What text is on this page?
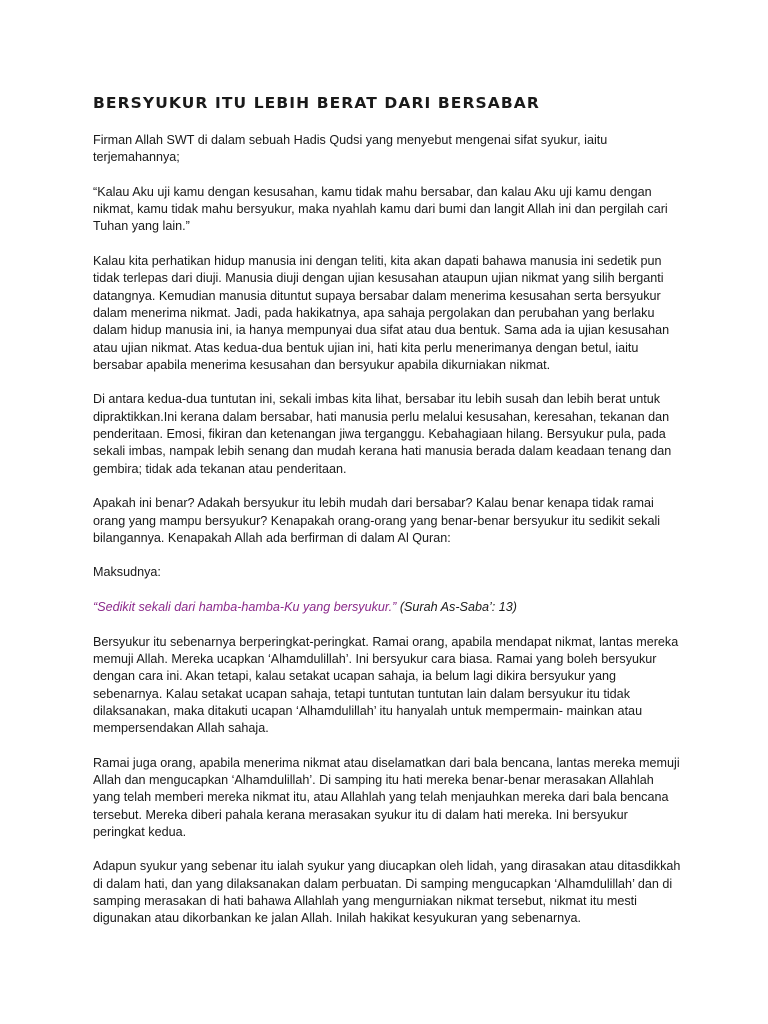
BERSYUKUR ITU LEBIH BERAT DARI BERSABAR

Firman Allah SWT di dalam sebuah Hadis Qudsi yang menyebut mengenai sifat syukur, iaitu terjemahannya;

“Kalau Aku uji kamu dengan kesusahan, kamu tidak mahu bersabar, dan kalau Aku uji kamu dengan nikmat, kamu tidak mahu bersyukur, maka nyahlah kamu dari bumi dan langit Allah ini dan pergilah cari Tuhan yang lain.”

Kalau kita perhatikan hidup manusia ini dengan teliti, kita akan dapati bahawa manusia ini sedetik pun tidak terlepas dari diuji. Manusia diuji dengan ujian kesusahan ataupun ujian nikmat yang silih berganti datangnya. Kemudian manusia dituntut supaya bersabar dalam menerima kesusahan serta bersyukur dalam menerima nikmat. Jadi, pada hakikatnya, apa sahaja pergolakan dan perubahan yang berlaku dalam hidup manusia ini, ia hanya mempunyai dua sifat atau dua bentuk. Sama ada ia ujian kesusahan atau ujian nikmat. Atas kedua-dua bentuk ujian ini, hati kita perlu menerimanya dengan betul, iaitu bersabar apabila menerima kesusahan dan bersyukur apabila dikurniakan nikmat.

Di antara kedua-dua tuntutan ini, sekali imbas kita lihat, bersabar itu lebih susah dan lebih berat untuk dipraktikkan.Ini kerana dalam bersabar, hati manusia perlu melalui kesusahan, keresahan, tekanan dan penderitaan. Emosi, fikiran dan ketenangan jiwa terganggu. Kebahagiaan hilang. Bersyukur pula, pada sekali imbas, nampak lebih senang dan mudah kerana hati manusia berada dalam keadaan tenang dan gembira; tidak ada tekanan atau penderitaan.

Apakah ini benar? Adakah bersyukur itu lebih mudah dari bersabar? Kalau benar kenapa tidak ramai orang yang mampu bersyukur? Kenapakah orang-orang yang benar-benar bersyukur itu sedikit sekali bilangannya. Kenapakah Allah ada berfirman di dalam Al Quran:

Maksudnya:

“Sedikit sekali dari hamba-hamba-Ku yang bersyukur.” (Surah As-Saba’: 13)

Bersyukur itu sebenarnya berperingkat-peringkat. Ramai orang, apabila mendapat nikmat, lantas mereka memuji Allah. Mereka ucapkan ‘Alhamdulillah’. Ini bersyukur cara biasa. Ramai yang boleh bersyukur dengan cara ini. Akan tetapi, kalau setakat ucapan sahaja, ia belum lagi dikira bersyukur yang sebenarnya. Kalau setakat ucapan sahaja, tetapi tuntutan tuntutan lain dalam bersyukur itu tidak dilaksanakan, maka ditakuti ucapan ‘Alhamdulillah’ itu hanyalah untuk mempermain- mainkan atau mempersendakan Allah sahaja.

Ramai juga orang, apabila menerima nikmat atau diselamatkan dari bala bencana, lantas mereka memuji Allah dan mengucapkan ‘Alhamdulillah’. Di samping itu hati mereka benar-benar merasakan Allahlah yang telah memberi mereka nikmat itu, atau Allahlah yang telah menjauhkan mereka dari bala bencana tersebut. Mereka diberi pahala kerana merasakan syukur itu di dalam hati mereka. Ini bersyukur peringkat kedua.

Adapun syukur yang sebenar itu ialah syukur yang diucapkan oleh lidah, yang dirasakan atau ditasdikkah di dalam hati, dan yang dilaksanakan dalam perbuatan. Di samping mengucapkan ‘Alhamdulillah’ dan di samping merasakan di hati bahawa Allahlah yang mengurniakan nikmat tersebut, nikmat itu mesti digunakan atau dikorbankan ke jalan Allah. Inilah hakikat kesyukuran yang sebenarnya.
